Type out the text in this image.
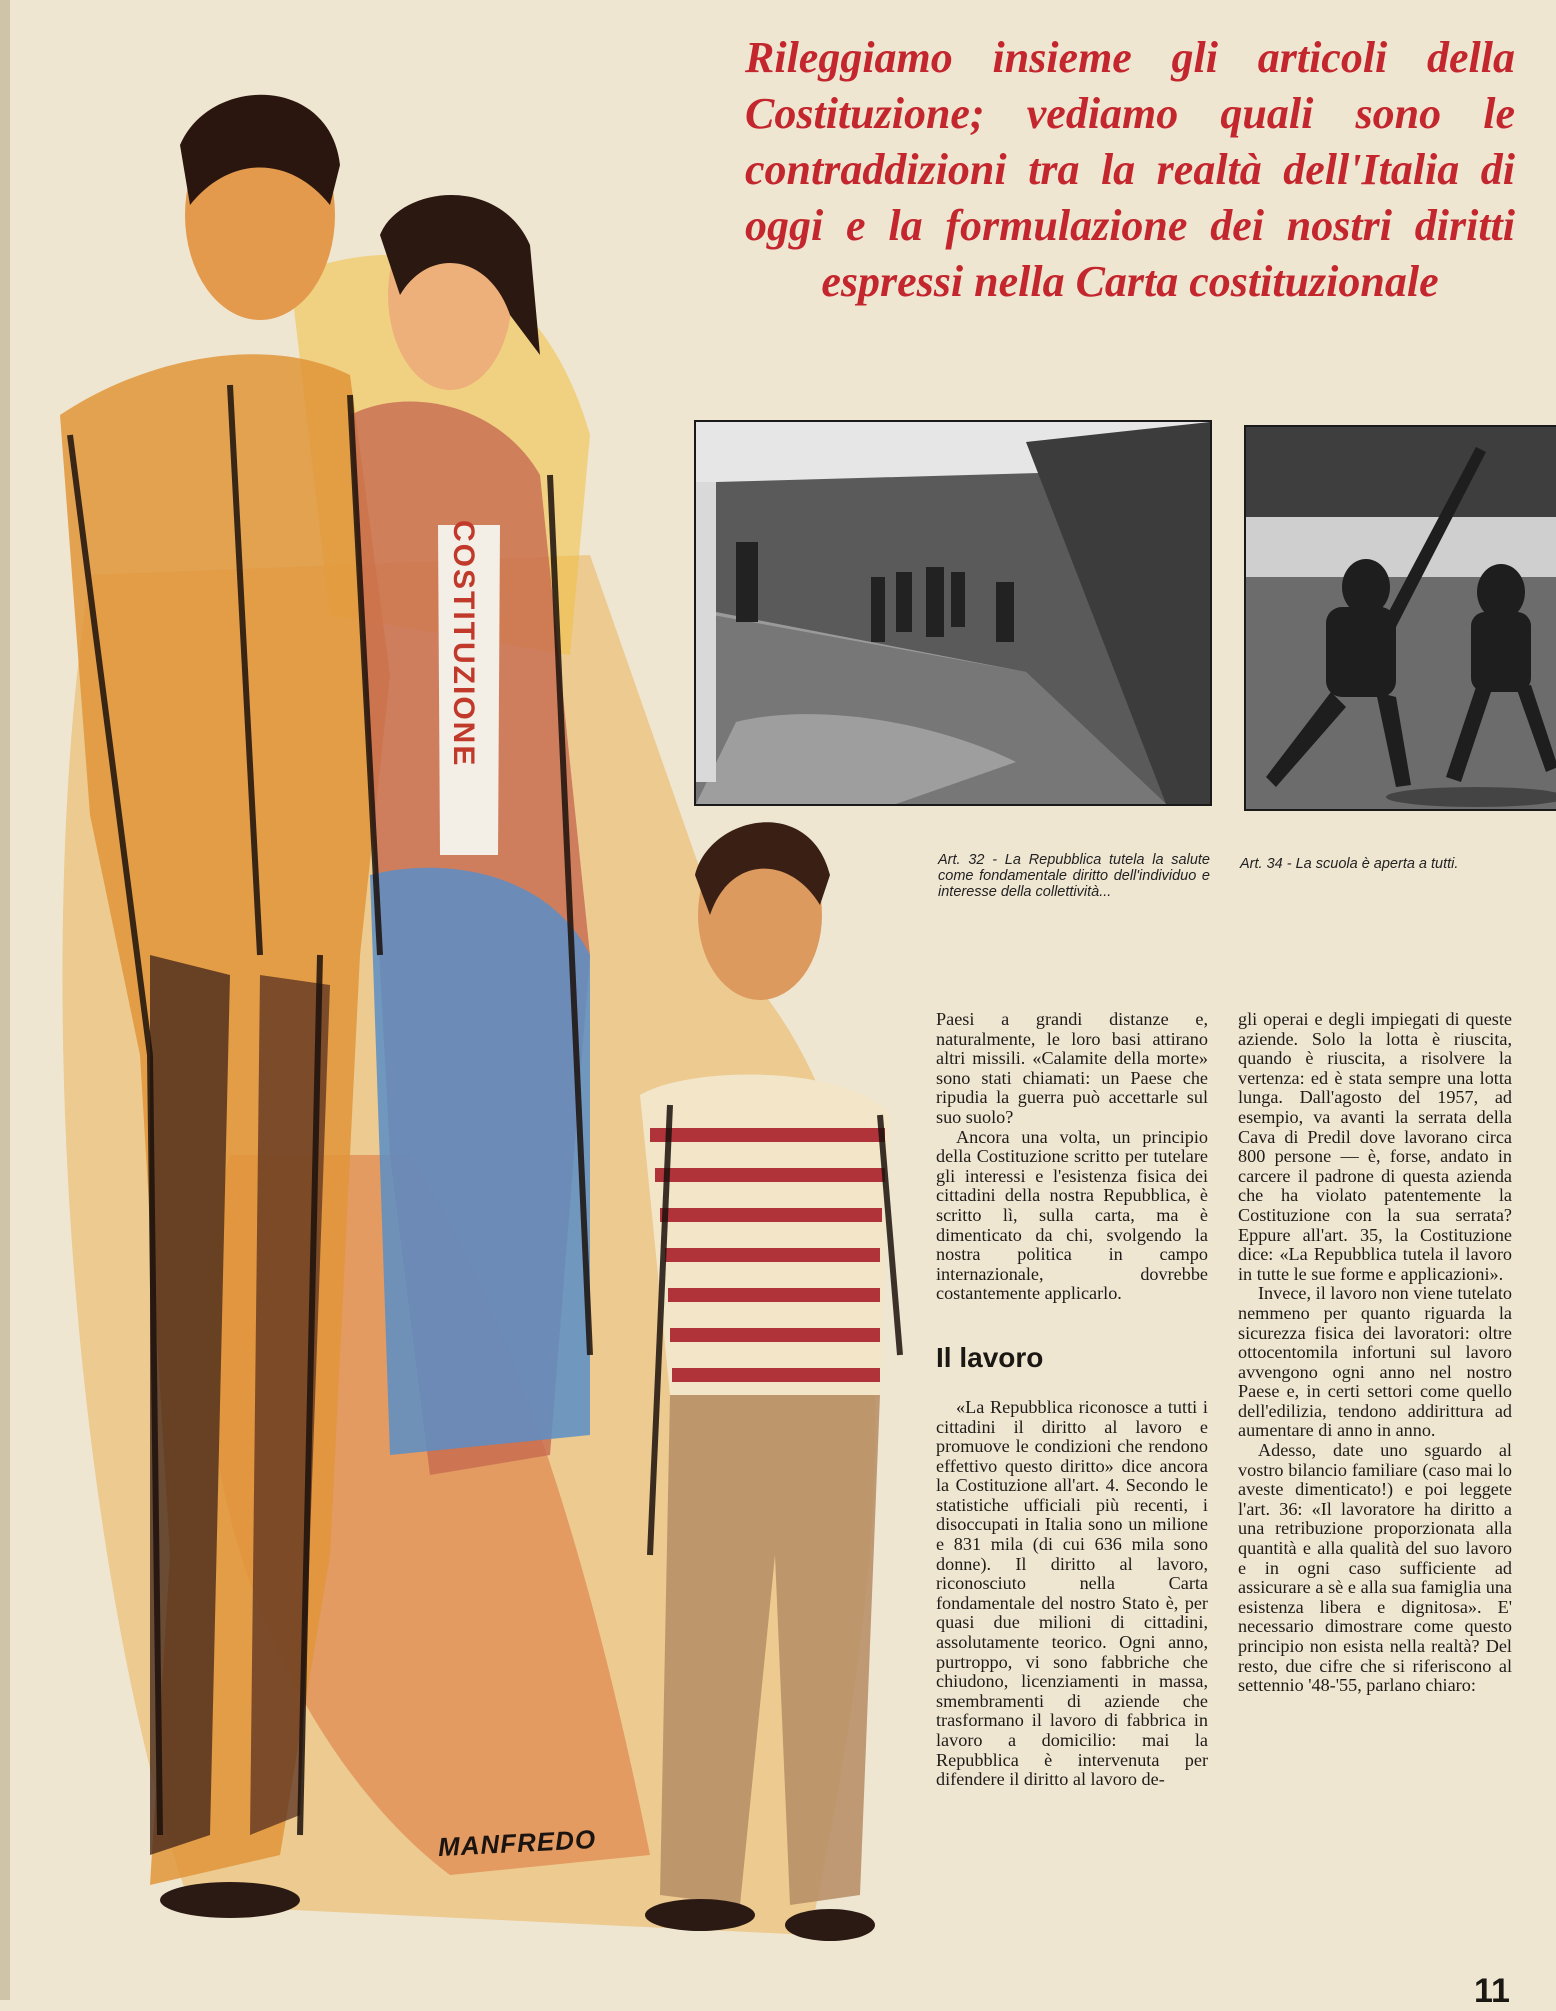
COSTITUZIONE
MANFREDO
Rileggiamo insieme gli articoli della Costituzione; vediamo quali sono le contraddizioni tra la realtà dell'Italia di oggi e la formulazione dei nostri diritti espressi nella Carta costituzionale

Art. 32 - La Repubblica tutela la salute come fondamentale diritto dell'individuo e interesse della collettività...

Art. 34 - La scuola è aperta a tutti.

Paesi a grandi distanze e, naturalmente, le loro basi attirano altri missili. «Calamite della morte» sono stati chiamati: un Paese che ripudia la guerra può accettarle sul suo suolo?

Ancora una volta, un principio della Costituzione scritto per tutelare gli interessi e l'esistenza fisica dei cittadini della nostra Repubblica, è scritto lì, sulla carta, ma è dimenticato da chi, svolgendo la nostra politica in campo internazionale, dovrebbe costantemente applicarlo.

Il lavoro

«La Repubblica riconosce a tutti i cittadini il diritto al lavoro e promuove le condizioni che rendono effettivo questo diritto» dice ancora la Costituzione all'art. 4. Secondo le statistiche ufficiali più recenti, i disoccupati in Italia sono un milione e 831 mila (di cui 636 mila sono donne). Il diritto al lavoro, riconosciuto nella Carta fondamentale del nostro Stato è, per quasi due milioni di cittadini, assolutamente teorico. Ogni anno, purtroppo, vi sono fabbriche che chiudono, licenziamenti in massa, smembramenti di aziende che trasformano il lavoro di fabbrica in lavoro a domicilio: mai la Repubblica è intervenuta per difendere il diritto al lavoro de-

gli operai e degli impiegati di queste aziende. Solo la lotta è riuscita, quando è riuscita, a risolvere la vertenza: ed è stata sempre una lotta lunga. Dall'agosto del 1957, ad esempio, va avanti la serrata della Cava di Predil dove lavorano circa 800 persone — è, forse, andato in carcere il padrone di questa azienda che ha violato patentemente la Costituzione con la sua serrata? Eppure all'art. 35, la Costituzione dice: «La Repubblica tutela il lavoro in tutte le sue forme e applicazioni».

Invece, il lavoro non viene tutelato nemmeno per quanto riguarda la sicurezza fisica dei lavoratori: oltre ottocentomila infortuni sul lavoro avvengono ogni anno nel nostro Paese e, in certi settori come quello dell'edilizia, tendono addirittura ad aumentare di anno in anno.

Adesso, date uno sguardo al vostro bilancio familiare (caso mai lo aveste dimenticato!) e poi leggete l'art. 36: «Il lavoratore ha diritto a una retribuzione proporzionata alla quantità e alla qualità del suo lavoro e in ogni caso sufficiente ad assicurare a sè e alla sua famiglia una esistenza libera e dignitosa». E' necessario dimostrare come questo principio non esista nella realtà? Del resto, due cifre che si riferiscono al settennio '48-'55, parlano chiaro:

11
